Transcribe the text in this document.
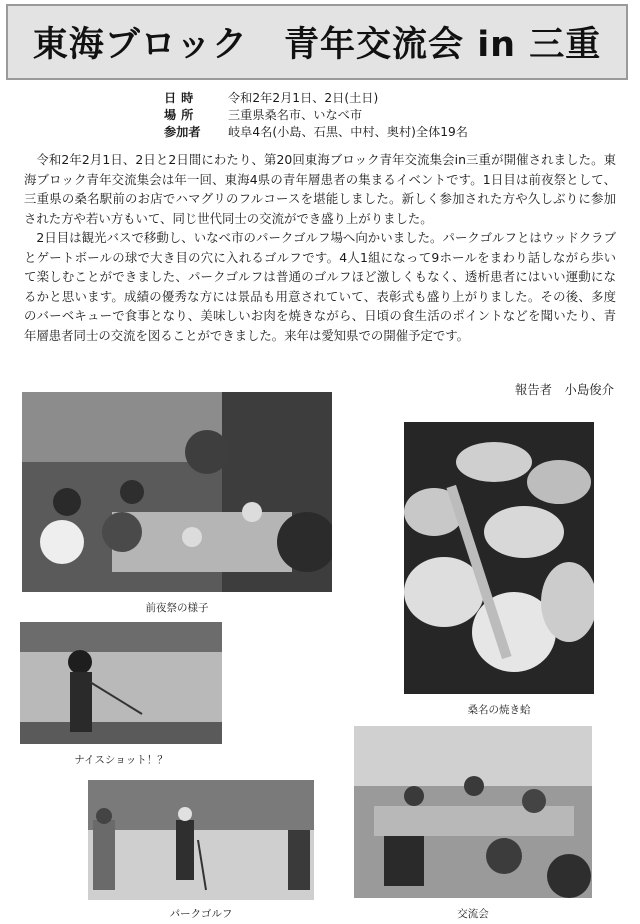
東海ブロック　青年交流会 in 三重
日時	令和2年2月1日、2日(土日)
場所	三重県桑名市、いなべ市
参加者	岐阜4名(小島、石黒、中村、奥村)全体19名

令和2年2月1日、2日と2日間にわたり、第20回東海ブロック青年交流集会in三重が開催されました。東海ブロック青年交流集会は年一回、東海4県の青年層患者の集まるイベントです。1日目は前夜祭として、三重県の桑名駅前のお店でハマグリのフルコースを堪能しました。新しく参加された方や久しぶりに参加された方や若い方もいて、同じ世代同士の交流ができ盛り上がりました。

2日目は観光バスで移動し、いなべ市のパークゴルフ場へ向かいました。パークゴルフとはウッドクラブとゲートボールの球で大き目の穴に入れるゴルフです。4人1組になって9ホールをまわり話しながら歩いて楽しむことができました、パークゴルフは普通のゴルフほど激しくもなく、透析患者にはいい運動になるかと思います。成績の優秀な方には景品も用意されていて、表彰式も盛り上がりました。その後、多度のバーベキューで食事となり、美味しいお肉を焼きながら、日頃の食生活のポイントなどを聞いたり、青年層患者同士の交流を図ることができました。来年は愛知県での開催予定です。

報告者　小島俊介
前夜祭の様子
桑名の焼き蛤
ナイスショット！？
パークゴルフ	交流会
